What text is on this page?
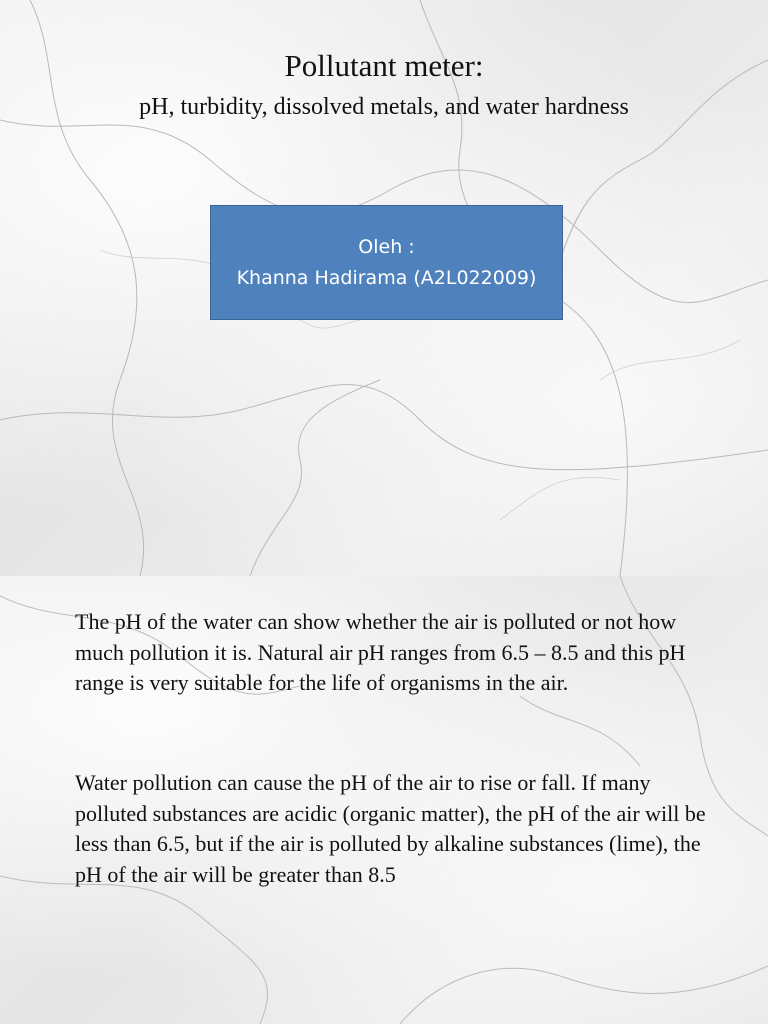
Pollutant meter:
pH, turbidity, dissolved metals, and water hardness
Oleh :
Khanna Hadirama (A2L022009)

The pH of the water can show whether the air is polluted or not how much pollution it is. Natural air pH ranges from 6.5 – 8.5 and this pH range is very suitable for the life of organisms in the air.

Water pollution can cause the pH of the air to rise or fall. If many polluted substances are acidic (organic matter), the pH of the air will be less than 6.5, but if the air is polluted by alkaline substances (lime), the pH of the air will be greater than 8.5
